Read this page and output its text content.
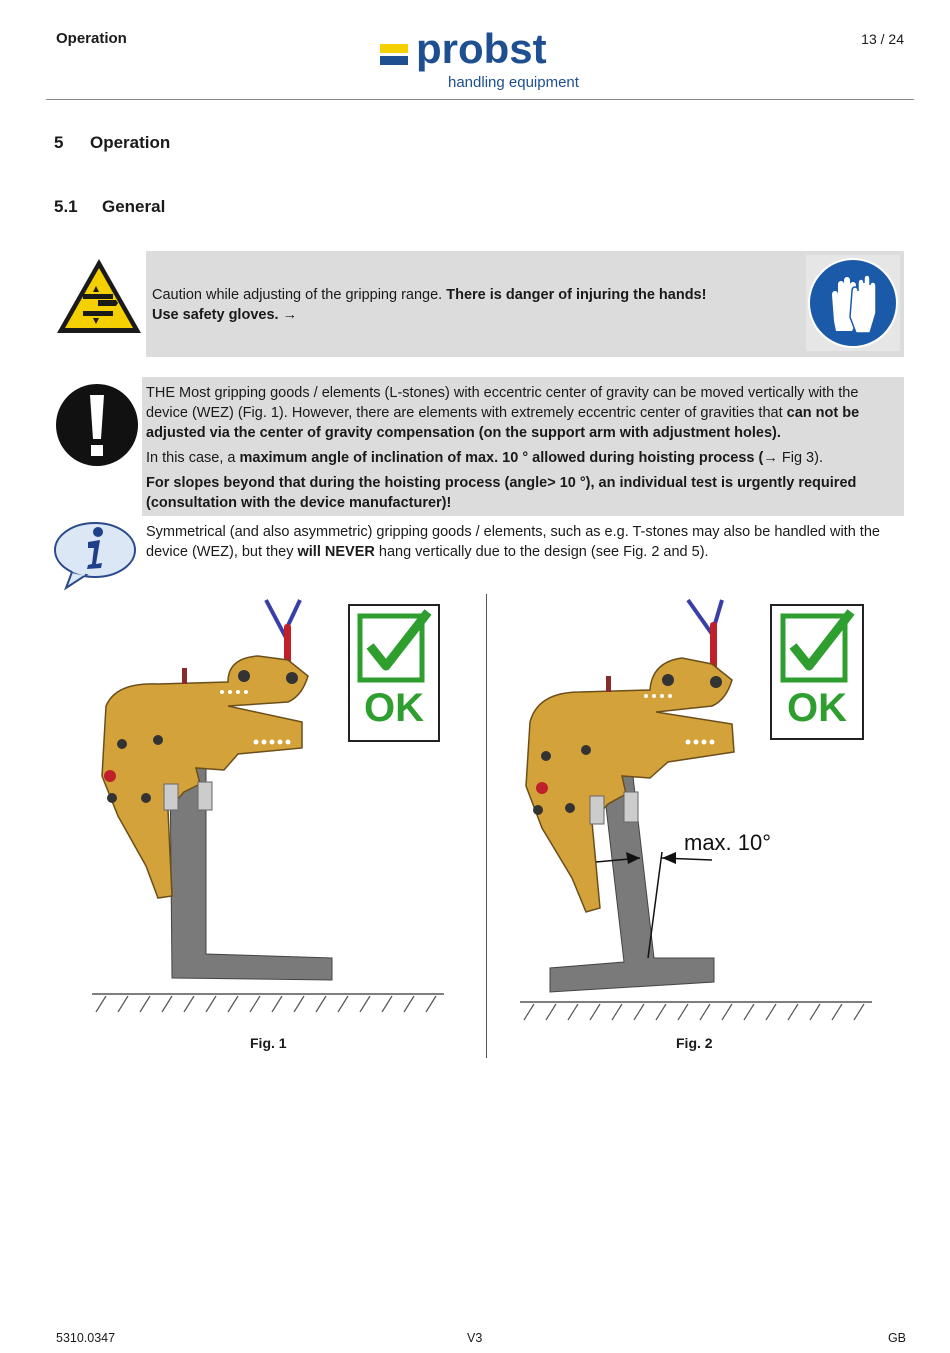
Operation	probst
handling equipment
13 / 24
5 Operation
5.1 General
Caution while adjusting of the gripping range. There is danger of injuring the hands!
Use safety gloves. →

THE Most gripping goods / elements (L-stones) with eccentric center of gravity can be moved vertically with the device (WEZ) (Fig. 1). However, there are elements with extremely eccentric center of gravities that can not be adjusted via the center of gravity compensation (on the support arm with adjustment holes).

In this case, a maximum angle of inclination of max. 10 ° allowed during hoisting process (→ Fig 3).

For slopes beyond that during the hoisting process (angle> 10 °), an individual test is urgently required (consultation with the device manufacturer)!

Symmetrical (and also asymmetric) gripping goods / elements, such as e.g. T-stones may also be handled with the device (WEZ), but they will NEVER hang vertically due to the design (see Fig. 2 and 5).
OK
Fig. 1
max. 10°
OK
Fig. 2
5310.0347	V3	GB
